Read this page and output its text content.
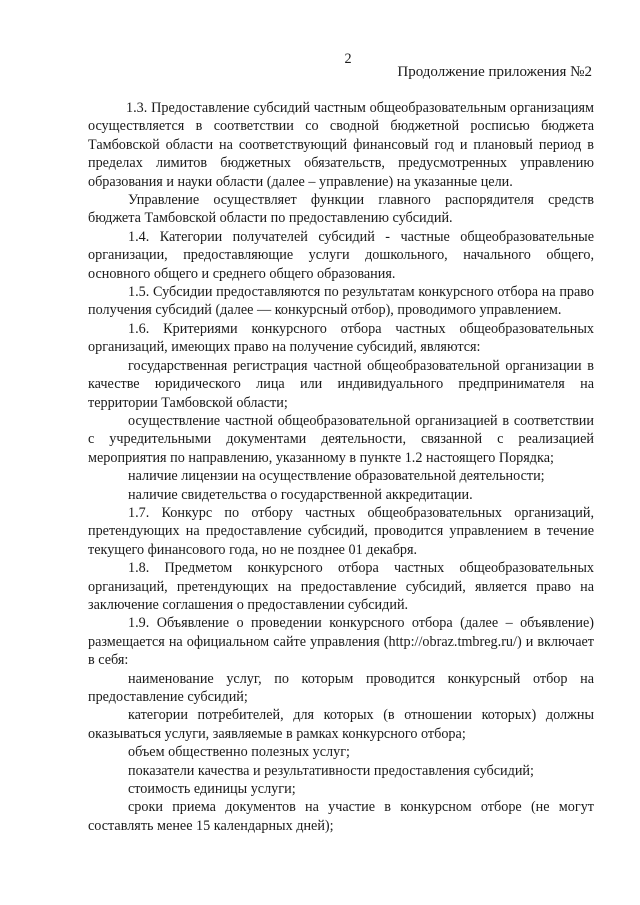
2
Продолжение приложения №2

1.3. Предоставление субсидий частным общеобразовательным организациям осуществляется в соответствии со сводной бюджетной росписью бюджета Тамбовской области на соответствующий финансовый год и плановый период в пределах лимитов бюджетных обязательств, предусмотренных управлению образования и науки области (далее – управление) на указанные цели.

Управление осуществляет функции главного распорядителя средств бюджета Тамбовской области по предоставлению субсидий.

1.4. Категории получателей субсидий - частные общеобразовательные организации, предоставляющие услуги дошкольного, начального общего, основного общего и среднего общего образования.

1.5. Субсидии предоставляются по результатам конкурсного отбора на право получения субсидий (далее — конкурсный отбор), проводимого управлением.

1.6. Критериями конкурсного отбора частных общеобразовательных организаций, имеющих право на получение субсидий, являются:

государственная регистрация частной общеобразовательной организации в качестве юридического лица или индивидуального предпринимателя на территории Тамбовской области;

осуществление частной общеобразовательной организацией в соответствии с учредительными документами деятельности, связанной с реализацией мероприятия по направлению, указанному в пункте 1.2 настоящего Порядка;

наличие лицензии на осуществление образовательной деятельности;

наличие свидетельства о государственной аккредитации.

1.7. Конкурс по отбору частных общеобразовательных организаций, претендующих на предоставление субсидий, проводится управлением в течение текущего финансового года, но не позднее 01 декабря.

1.8. Предметом конкурсного отбора частных общеобразовательных организаций, претендующих на предоставление субсидий, является право на заключение соглашения о предоставлении субсидий.

1.9. Объявление о проведении конкурсного отбора (далее – объявление) размещается на официальном сайте управления (http://obraz.tmbreg.ru/) и включает в себя:

наименование услуг, по которым проводится конкурсный отбор на предоставление субсидий;

категории потребителей, для которых (в отношении которых) должны оказываться услуги, заявляемые в рамках конкурсного отбора;

объем общественно полезных услуг;

показатели качества и результативности предоставления субсидий;

стоимость единицы услуги;

сроки приема документов на участие в конкурсном отборе (не могут составлять менее 15 календарных дней);
